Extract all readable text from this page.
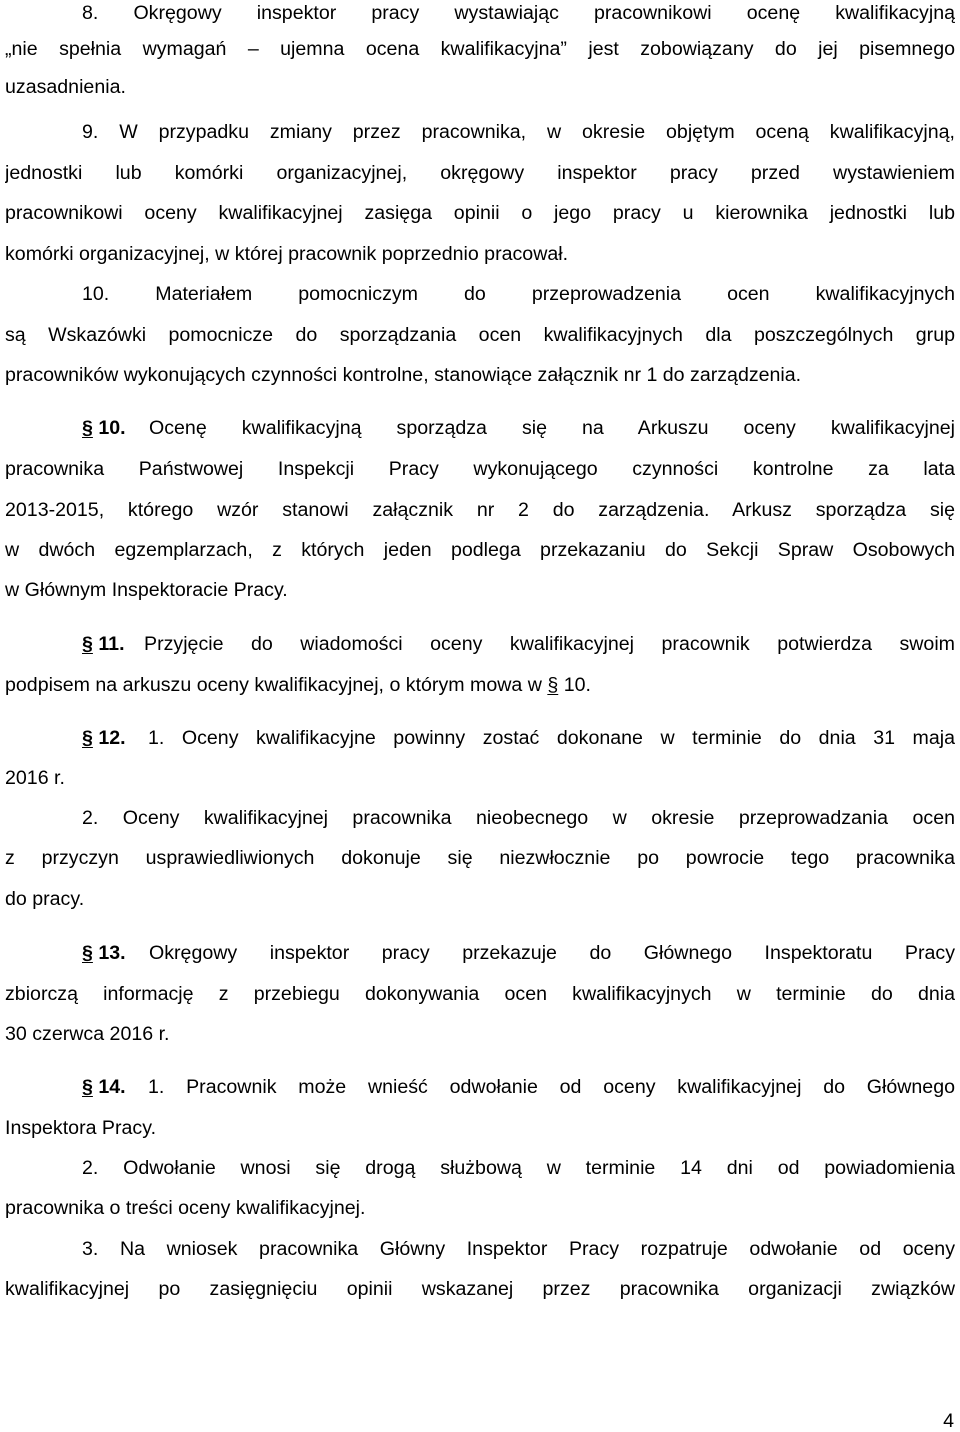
8. Okręgowy inspektor pracy wystawiając pracownikowi ocenę kwalifikacyjną
„nie spełnia wymagań – ujemna ocena kwalifikacyjna” jest zobowiązany do jej pisemnego
uzasadnienia.
9. W przypadku zmiany przez pracownika, w okresie objętym oceną kwalifikacyjną,
jednostki lub komórki organizacyjnej, okręgowy inspektor pracy przed wystawieniem
pracownikowi oceny kwalifikacyjnej zasięga opinii o jego pracy u kierownika jednostki lub
komórki organizacyjnej, w której pracownik poprzednio pracował.
10. Materiałem pomocniczym do przeprowadzenia ocen kwalifikacyjnych
są Wskazówki pomocnicze do sporządzania ocen kwalifikacyjnych dla poszczególnych grup
pracowników wykonujących czynności kontrolne, stanowiące załącznik nr 1 do zarządzenia.
§ 10.	Ocenę kwalifikacyjną sporządza się na Arkuszu oceny kwalifikacyjnej
pracownika Państwowej Inspekcji Pracy wykonującego czynności kontrolne za lata
2013-2015, którego wzór stanowi załącznik nr 2 do zarządzenia. Arkusz sporządza się
w dwóch egzemplarzach, z których jeden podlega przekazaniu do Sekcji Spraw Osobowych
w Głównym Inspektoracie Pracy.
§ 11. Przyjęcie do wiadomości oceny kwalifikacyjnej pracownik potwierdza swoim
podpisem na arkuszu oceny kwalifikacyjnej, o którym mowa w § 10.
§ 12.	1. Oceny kwalifikacyjne powinny zostać dokonane w terminie do dnia 31 maja
2016 r.
2. Oceny kwalifikacyjnej pracownika nieobecnego w okresie przeprowadzania ocen
z przyczyn usprawiedliwionych dokonuje się niezwłocznie po powrocie tego pracownika
do pracy.
§ 13.	Okręgowy inspektor pracy przekazuje do Głównego Inspektoratu Pracy
zbiorczą informację z przebiegu dokonywania ocen kwalifikacyjnych w terminie do dnia
30 czerwca 2016 r.
§ 14.	1. Pracownik może wnieść odwołanie od oceny kwalifikacyjnej do Głównego
Inspektora Pracy.
2. Odwołanie wnosi się drogą służbową w terminie 14 dni od powiadomienia
pracownika o treści oceny kwalifikacyjnej.
3. Na wniosek pracownika Główny Inspektor Pracy rozpatruje odwołanie od oceny
kwalifikacyjnej po zasięgnięciu opinii wskazanej przez pracownika organizacji związków
4
